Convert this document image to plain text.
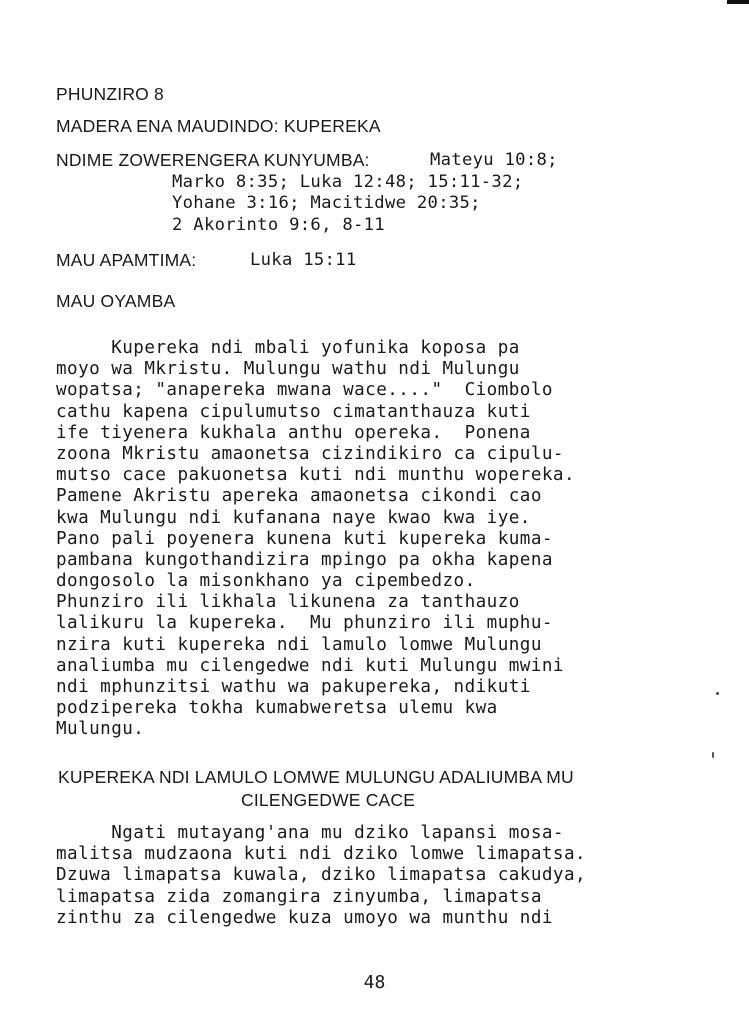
PHUNZIRO 8
MADERA ENA MAUDINDO: KUPEREKA
NDIME ZOWERENGERA KUNYUMBA:	Mateyu 10:8;
Marko 8:35; Luka 12:48; 15:11-32;
Yohane 3:16; Macitidwe 20:35;
2 Akorinto 9:6, 8-11
MAU APAMTIMA:	Luka 15:11
MAU OYAMBA
Kupereka ndi mbali yofunika koposa pa
moyo wa Mkristu. Mulungu wathu ndi Mulungu
wopatsa; "anapereka mwana wace...."  Ciombolo
cathu kapena cipulumutso cimatanthauza kuti
ife tiyenera kukhala anthu opereka.  Ponena
zoona Mkristu amaonetsa cizindikiro ca cipulu-
mutso cace pakuonetsa kuti ndi munthu wopereka.
Pamene Akristu apereka amaonetsa cikondi cao
kwa Mulungu ndi kufanana naye kwao kwa iye.
Pano pali poyenera kunena kuti kupereka kuma-
pambana kungothandizira mpingo pa okha kapena
dongosolo la misonkhano ya cipembedzo.
Phunziro ili likhala likunena za tanthauzo
lalikuru la kupereka.  Mu phunziro ili muphu-
nzira kuti kupereka ndi lamulo lomwe Mulungu
analiumba mu cilengedwe ndi kuti Mulungu mwini
ndi mphunzitsi wathu wa pakupereka, ndikuti
podzipereka tokha kumabweretsa ulemu kwa
Mulungu.
KUPEREKA NDI LAMULO LOMWE MULUNGU ADALIUMBA MU
CILENGEDWE CACE
Ngati mutayang'ana mu dziko lapansi mosa-
malitsa mudzaona kuti ndi dziko lomwe limapatsa.
Dzuwa limapatsa kuwala, dziko limapatsa cakudya,
limapatsa zida zomangira zinyumba, limapatsa
zinthu za cilengedwe kuza umoyo wa munthu ndi
48
